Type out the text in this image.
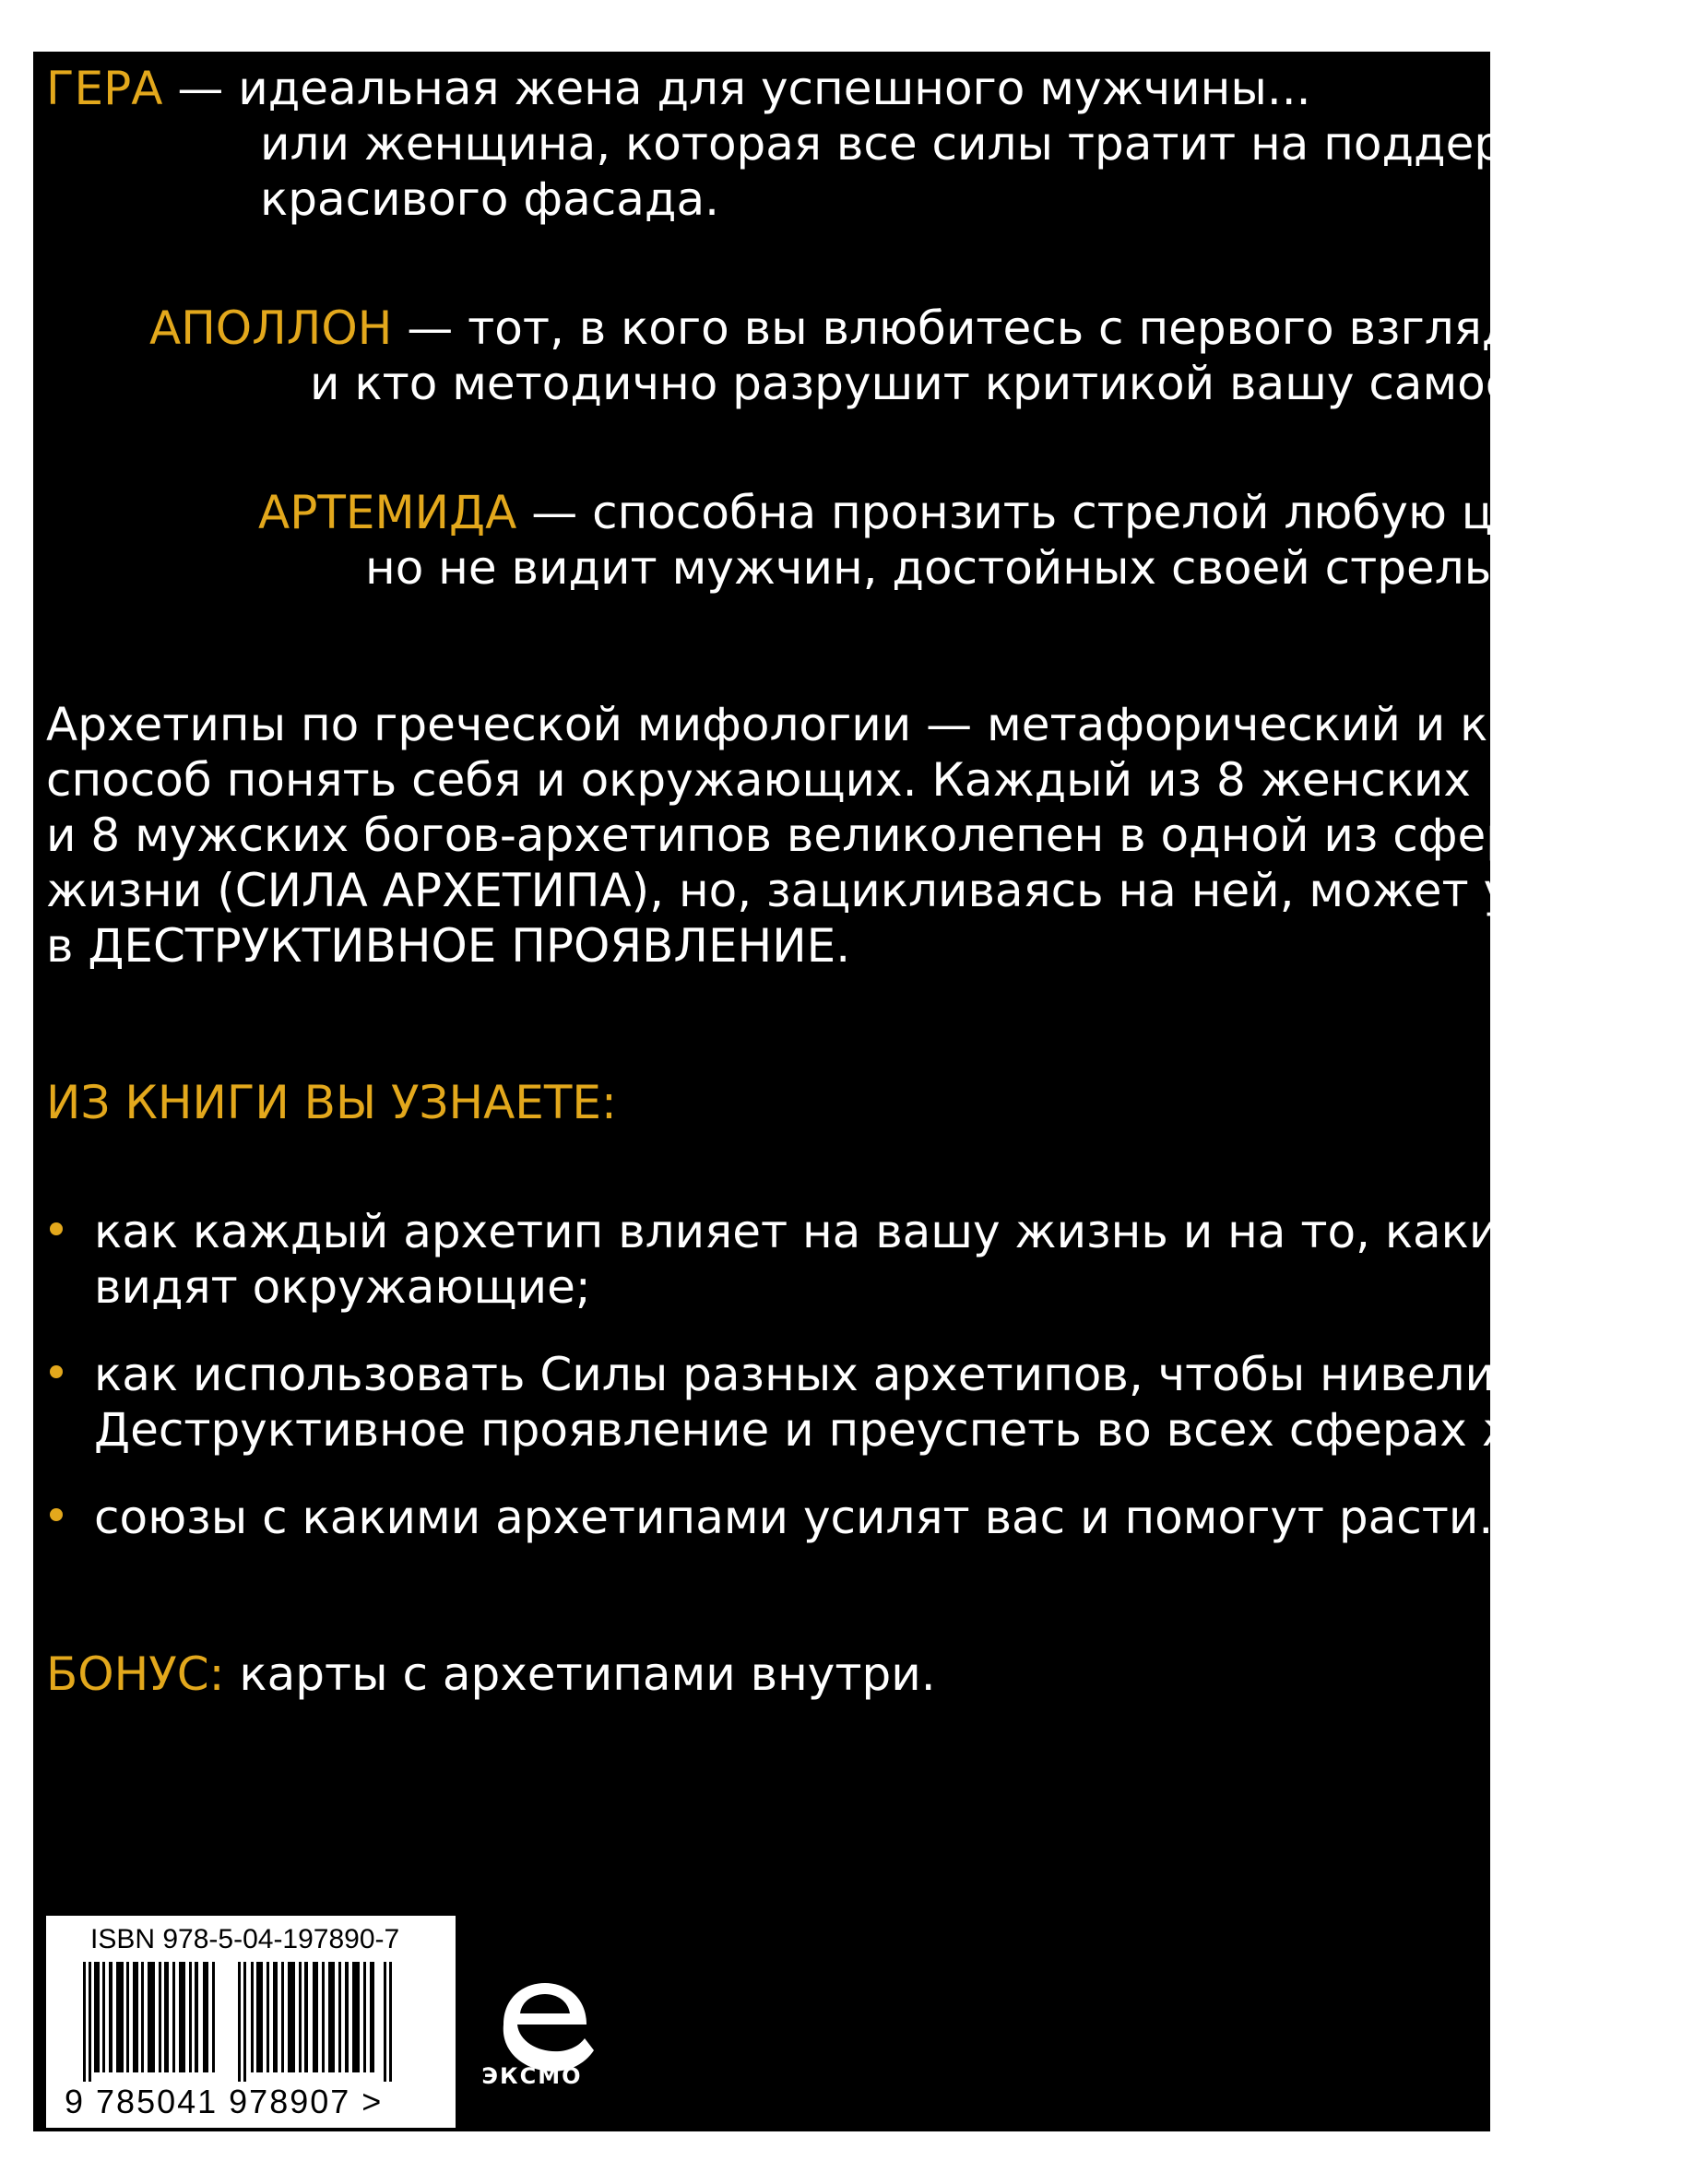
ГЕРА — идеальная жена для успешного мужчины...
или женщина, которая все силы тратит на поддержание
красивого фасада.
АПОЛЛОН — тот, в кого вы влюбитесь с первого взгляда...
и кто методично разрушит критикой вашу самооценку.
АРТЕМИДА — способна пронзить стрелой любую цель...
но не видит мужчин, достойных своей стрелы.
Архетипы по греческой мифологии — метафорический и красивый
способ понять себя и окружающих. Каждый из 8 женских
и 8 мужских богов-архетипов великолепен в одной из сфер
жизни (СИЛА АРХЕТИПА), но, зацикливаясь на ней, может уйти
в ДЕСТРУКТИВНОЕ ПРОЯВЛЕНИЕ.
ИЗ КНИГИ ВЫ УЗНАЕТЕ:
как каждый архетип влияет на вашу жизнь и на то, какими вас
видят окружающие;
как использовать Силы разных архетипов, чтобы нивелировать
Деструктивное проявление и преуспеть во всех сферах жизни;
союзы с какими архетипами усилят вас и помогут расти.
БОНУС: карты с архетипами внутри.
ISBN 978-5-04-197890-7
9 785041 978907 >
ЭКСМО
